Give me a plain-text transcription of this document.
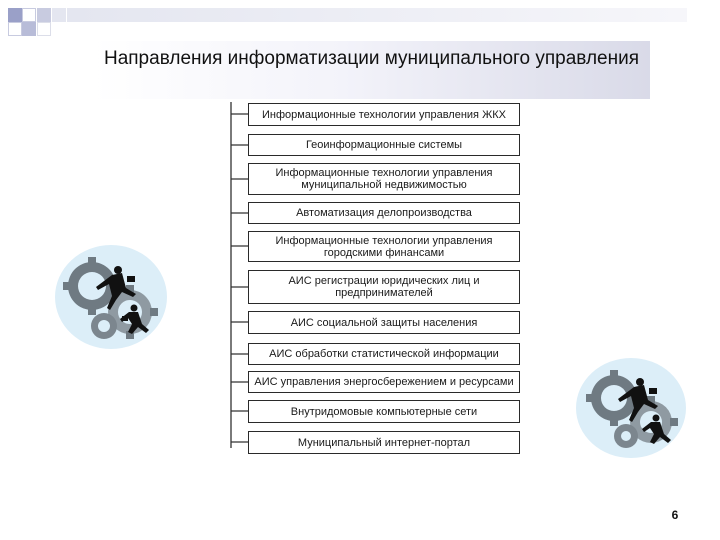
Направления информатизации муниципального управления
Информационные технологии управления ЖКХ
Геоинформационные системы
Информационные технологии управления муниципальной недвижимостью
Автоматизация делопроизводства
Информационные технологии управления городскими финансами
АИС регистрации юридических лиц и предпринимателей
АИС социальной защиты населения
АИС обработки статистической информации
АИС управления энергосбережением и ресурсами
Внутридомовые компьютерные сети
Муниципальный интернет-портал
6
